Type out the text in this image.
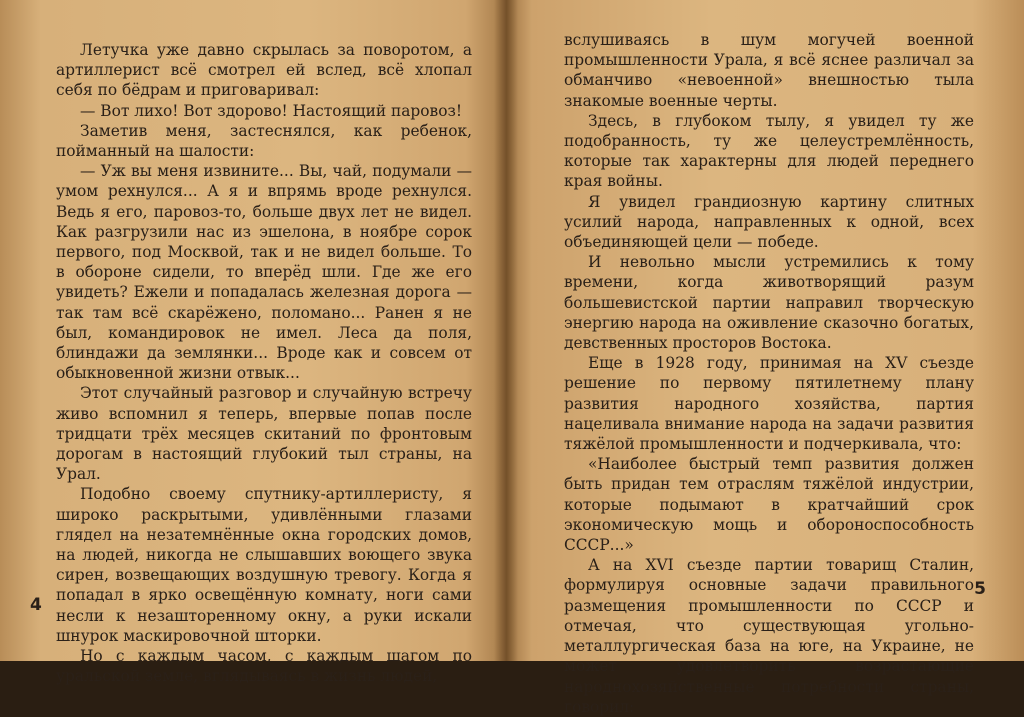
Летучка уже давно скрылась за поворотом, а артиллерист всё смотрел ей вслед, всё хлопал себя по бёдрам и приговаривал:

— Вот лихо! Вот здорово! Настоящий паровоз!

Заметив меня, застеснялся, как ребенок, пойманный на шалости:

— Уж вы меня извините... Вы, чай, подумали — умом рехнулся... А я и впрямь вроде рехнулся. Ведь я его, паровоз-то, больше двух лет не видел. Как разгрузили нас из эшелона, в ноябре сорок первого, под Москвой, так и не видел больше. То в обороне сидели, то вперёд шли. Где же его увидеть? Ежели и попадалась железная дорога — так там всё скарёжено, поломано... Ранен я не был, командировок не имел. Леса да поля, блиндажи да землянки... Вроде как и совсем от обыкновенной жизни отвык...

Этот случайный разговор и случайную встречу живо вспомнил я теперь, впервые попав после тридцати трёх месяцев скитаний по фронтовым дорогам в настоящий глубокий тыл страны, на Урал.

Подобно своему спутнику-артиллеристу, я широко раскрытыми, удивлёнными глазами глядел на незатемнённые окна городских домов, на людей, никогда не слышавших воющего звука сирен, возвещающих воздушную тревогу. Когда я попадал в ярко освещённую комнату, ноги сами несли к незашторенному окну, а руки искали шнурок маскировочной шторки.

Но с каждым часом, с каждым шагом по уральской земле, вглядываясь в жизнь людей,

4

вслушиваясь в шум могучей военной промышленности Урала, я всё яснее различал за обманчиво «невоенной» внешностью тыла знакомые военные черты.

Здесь, в глубоком тылу, я увидел ту же подобранность, ту же целеустремлённость, которые так характерны для людей переднего края войны.

Я увидел грандиозную картину слитных усилий народа, направленных к одной, всех объединяющей цели — победе.

И невольно мысли устремились к тому времени, когда животворящий разум большевистской партии направил творческую энергию народа на оживление сказочно богатых, девственных просторов Востока.

Еще в 1928 году, принимая на XV съезде решение по первому пятилетнему плану развития народного хозяйства, партия нацеливала внимание народа на задачи развития тяжёлой промышленности и подчеркивала, что:

«Наиболее быстрый темп развития должен быть придан тем отраслям тяжёлой индустрии, которые подымают в кратчайший срок экономическую мощь и обороноспособность СССР...»

А на XVI съезде партии товарищ Сталин, формулируя основные задачи правильного размещения промышленности по СССР и отмечая, что существующая угольно-металлургическая база на юге, на Украине, не может удовлетворить возрастающие народнохозяйственные потребности страны, говорил:

5
